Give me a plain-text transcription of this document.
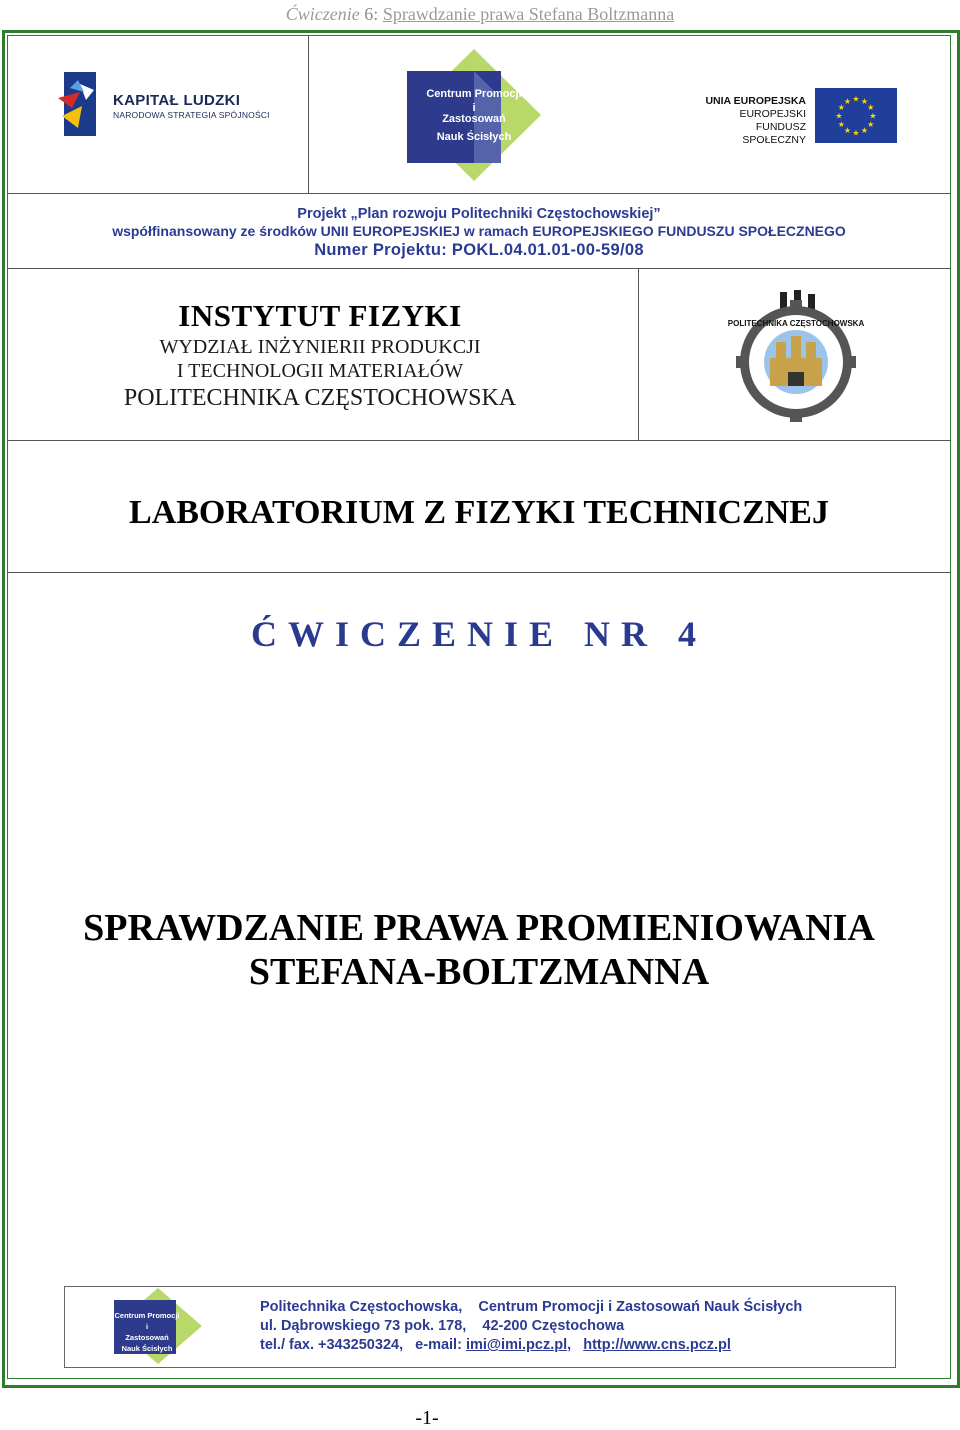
Ćwiczenie 6: Sprawdzanie prawa Stefana Boltzmanna
KAPITAŁ LUDZKI
NARODOWA STRATEGIA SPÓJNOŚCI
Centrum Promocji
i
Zastosowań
Nauk Ścisłych
UNIA EUROPEJSKA
EUROPEJSKI
FUNDUSZ SPOŁECZNY
★ ★
★
★
★
★
★
★
★
★
★
★
Projekt „Plan rozwoju Politechniki Częstochowskiej”
współfinansowany ze środków UNII EUROPEJSKIEJ w ramach EUROPEJSKIEGO FUNDUSZU SPOŁECZNEGO
Numer Projektu: POKL.04.01.01-00-59/08
INSTYTUT FIZYKI
WYDZIAŁ INŻYNIERII PRODUKCJI
I TECHNOLOGII MATERIAŁÓW
POLITECHNIKA CZĘSTOCHOWSKA
POLITECHNIKA CZĘSTOCHOWSKA
LABORATORIUM Z FIZYKI TECHNICZNEJ
ĆWICZENIE NR 4
SPRAWDZANIE PRAWA PROMIENIOWANIA
STEFANA-BOLTZMANNA
Centrum Promocji
i
Zastosowań
Nauk Ścisłych
Politechnika Częstochowska,    Centrum Promocji i Zastosowań Nauk Ścisłych
ul. Dąbrowskiego 73 pok. 178,    42-200 Częstochowa
tel./ fax. +343250324,   e-mail: imi@imi.pcz.pl,   http://www.cns.pcz.pl
-1-
